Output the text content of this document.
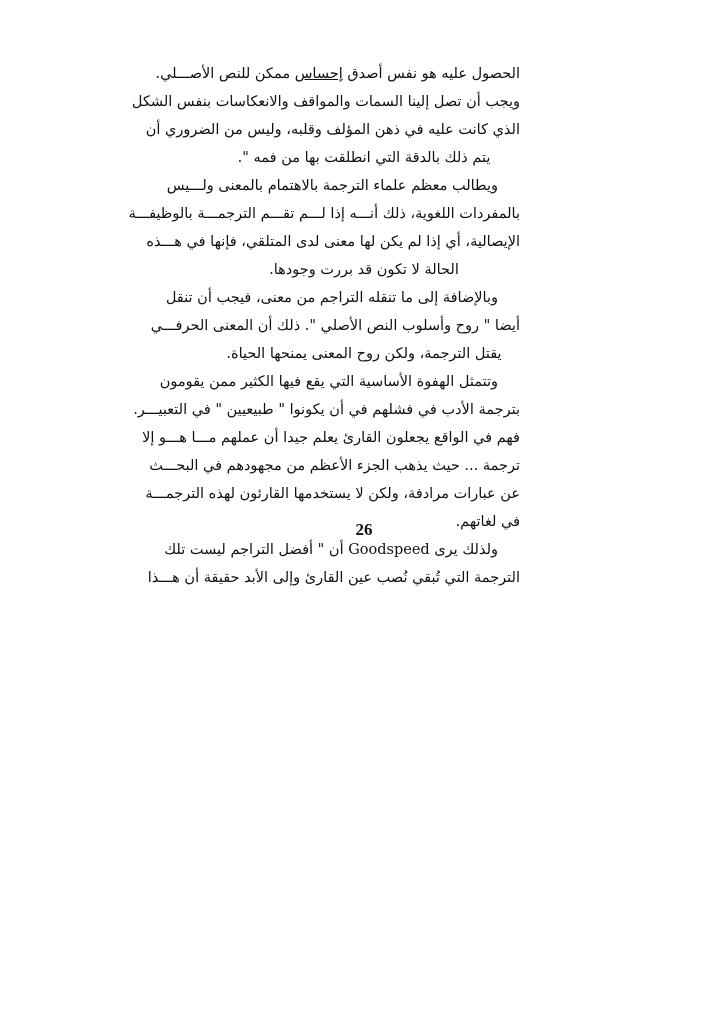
الحصول عليه هو نفس أصدق إحساس ممكن للنص الأصـــلي.
ويجب أن تصل إلينا السمات والمواقف والانعكاسات بنفس الشكل
الذي كانت عليه في ذهن المؤلف وقلبه، وليس من الضروري أن
يتم ذلك بالدقة التي انطلقت بها من فمه ".
ويطالب معظم علماء الترجمة بالاهتمام بالمعنى ولـــيس
بالمفردات اللغوية، ذلك أنـــه إذا لـــم تقـــم الترجمـــة بالوظيفـــة
الإيصالية، أي إذا لم يكن لها معنى لدى المتلقي، فإنها في هـــذه
الحالة لا تكون قد بررت وجودها.
وبالإضافة إلى ما تنقله التراجم من معنى، فيجب أن تنقل
أيضا " روح وأسلوب النص الأصلي ". ذلك أن المعنى الحرفـــي
يقتل الترجمة، ولكن روح المعنى يمنحها الحياة.
وتتمثل الهفوة الأساسية التي يقع فيها الكثير ممن يقومون
بترجمة الأدب في فشلهم في أن يكونوا " طبيعيين " في التعبيـــر.
فهم في الواقع يجعلون القارئ يعلم جيدا أن عملهم مـــا هـــو إلا
ترجمة ... حيث يذهب الجزء الأعظم من مجهودهم في البحـــث
عن عبارات مرادفة، ولكن لا يستخدمها القارئون لهذه الترجمـــة
في لغاتهم.
ولذلك يرى Goodspeed أن " أفضل التراجم ليست تلك
الترجمة التي تُبقي نُصب عين القارئ وإلى الأبد حقيقة أن هـــذا
26
